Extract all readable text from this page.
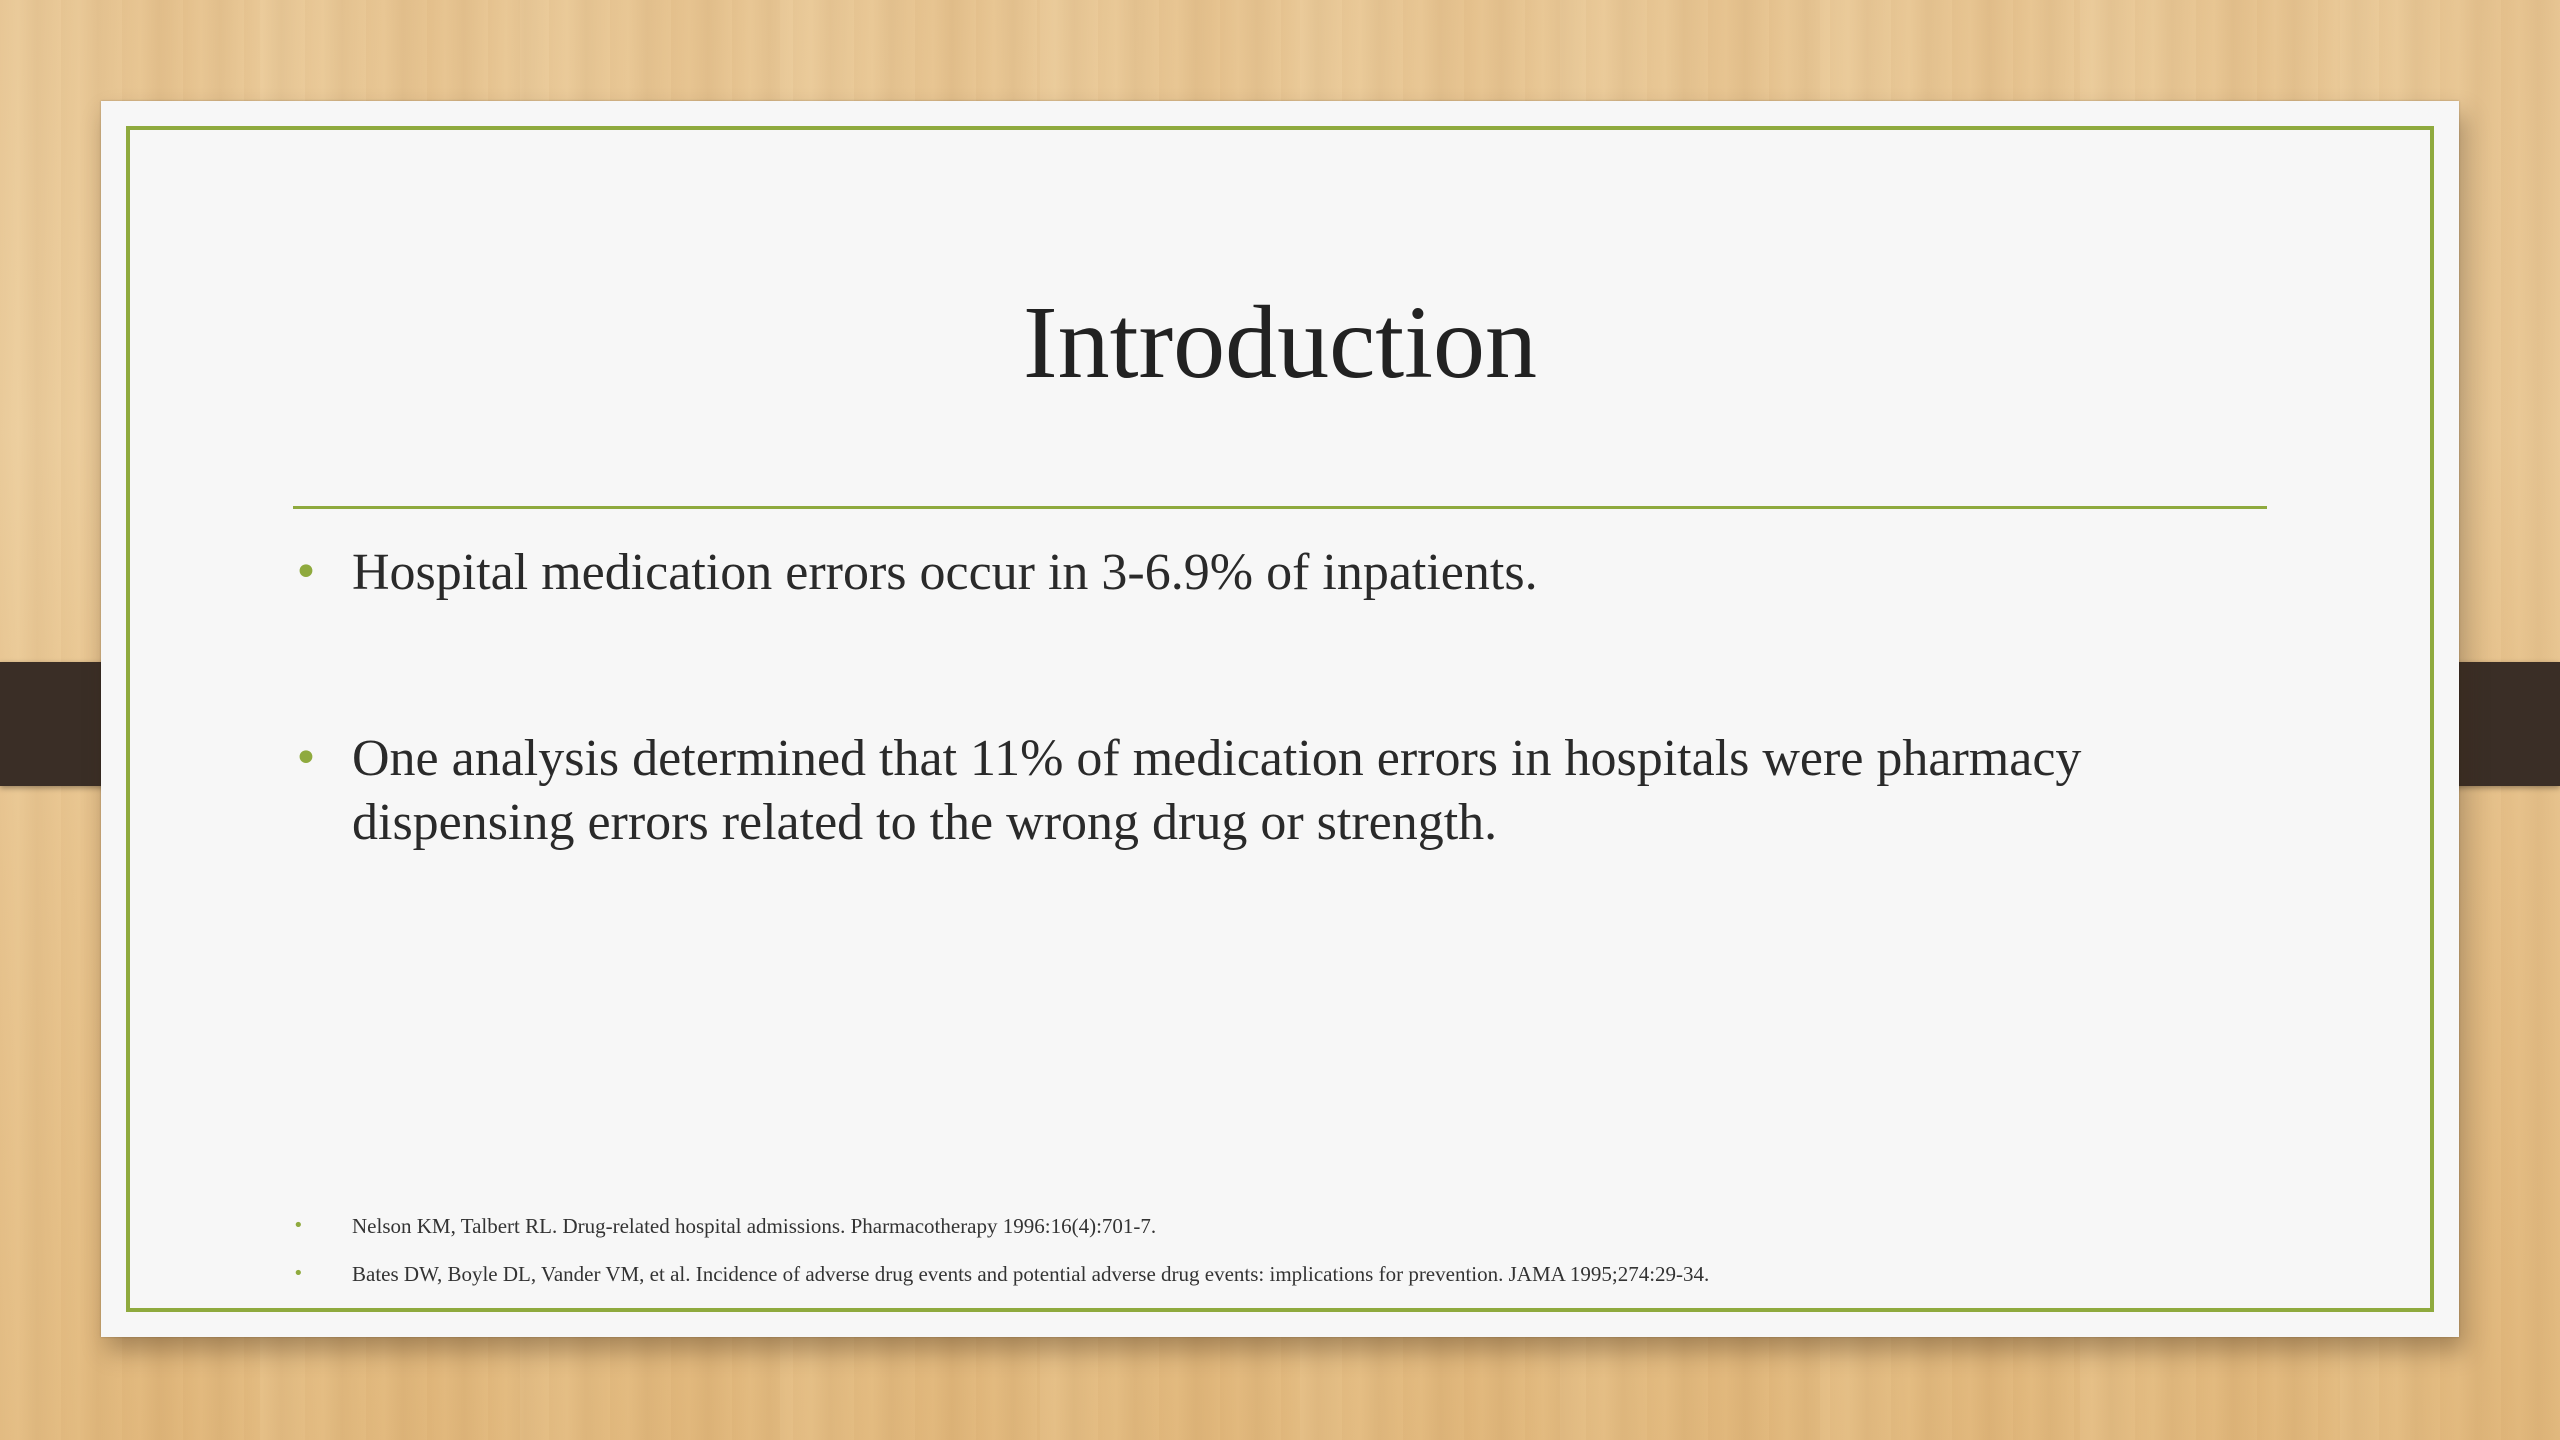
Introduction
• Hospital medication errors occur in 3-6.9% of inpatients.
• One analysis determined that 11% of medication errors in hospitals were pharmacy dispensing errors related to the wrong drug or strength.
• Nelson KM, Talbert RL. Drug-related hospital admissions. Pharmacotherapy 1996:16(4):701-7.
• Bates DW, Boyle DL, Vander VM, et al. Incidence of adverse drug events and potential adverse drug events: implications for prevention. JAMA 1995;274:29-34.
